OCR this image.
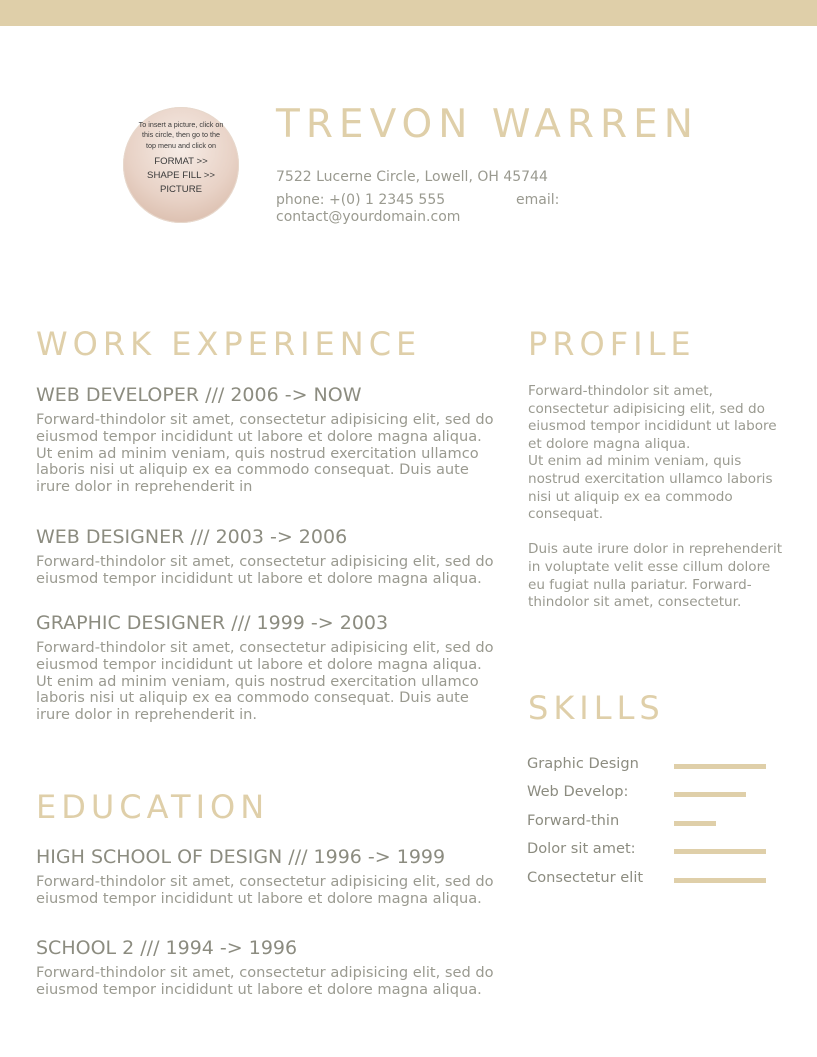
To insert a picture, click on this circle, then go to the top menu and click on
FORMAT >> SHAPE FILL >> PICTURE
TREVON WARREN
7522 Lucerne Circle, Lowell, OH 45744
phone: +(0) 1 2345 555	email:
contact@yourdomain.com
WORK EXPERIENCE
WEB DEVELOPER /// 2006 -> NOW
Forward-thindolor sit amet, consectetur adipisicing elit, sed do eiusmod tempor incididunt ut labore et dolore magna aliqua.
Ut enim ad minim veniam, quis nostrud exercitation ullamco laboris nisi ut aliquip ex ea commodo consequat. Duis aute irure dolor in reprehenderit in
WEB DESIGNER /// 2003 -> 2006
Forward-thindolor sit amet, consectetur adipisicing elit, sed do eiusmod tempor incididunt ut labore et dolore magna aliqua.
GRAPHIC DESIGNER /// 1999 -> 2003
Forward-thindolor sit amet, consectetur adipisicing elit, sed do eiusmod tempor incididunt ut labore et dolore magna aliqua. Ut enim ad minim veniam, quis nostrud exercitation ullamco laboris nisi ut aliquip ex ea commodo consequat. Duis aute irure dolor in reprehenderit in.
EDUCATION
HIGH SCHOOL OF DESIGN /// 1996 -> 1999
Forward-thindolor sit amet, consectetur adipisicing elit, sed do eiusmod tempor incididunt ut labore et dolore magna aliqua.
SCHOOL 2 /// 1994 -> 1996
Forward-thindolor sit amet, consectetur adipisicing elit, sed do eiusmod tempor incididunt ut labore et dolore magna aliqua.
PROFILE
Forward-thindolor sit amet, consectetur adipisicing elit, sed do eiusmod tempor incididunt ut labore et dolore magna aliqua.
Ut enim ad minim veniam, quis nostrud exercitation ullamco laboris nisi ut aliquip ex ea commodo consequat.

Duis aute irure dolor in reprehenderit in voluptate velit esse cillum dolore eu fugiat nulla pariatur. Forward-thindolor sit amet, consectetur.
SKILLS
Graphic Design
Web Develop:
Forward-thin
Dolor sit amet:
Consectetur elit
